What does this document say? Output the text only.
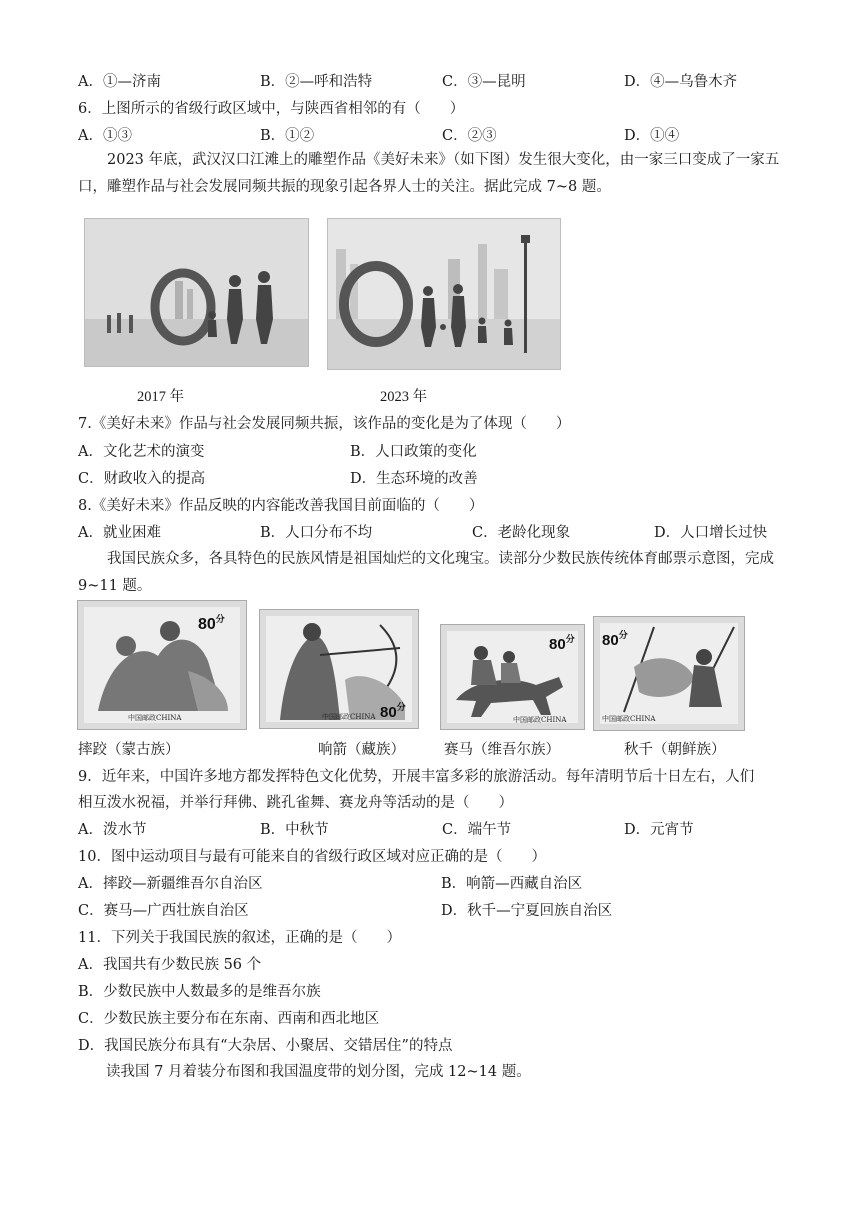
A．①—济南	B．②—呼和浩特	C．③—昆明	D．④—乌鲁木齐
6．上图所示的省级行政区域中，与陕西省相邻的有（　　）
A．①③	B．①②	C．②③	D．①④
2023 年底，武汉汉口江滩上的雕塑作品《美好未来》（如下图）发生很大变化，由一家三口变成了一家五口，雕塑作品与社会发展同频共振的现象引起各界人士的关注。据此完成 7~8 题。
2017 年	2023 年
7.《美好未来》作品与社会发展同频共振，该作品的变化是为了体现（　　）
A．文化艺术的演变	B．人口政策的变化
C．财政收入的提高	D．生态环境的改善
8.《美好未来》作品反映的内容能改善我国目前面临的（　　）
A．就业困难	B．人口分布不均	C．老龄化现象	D．人口增长过快
我国民族众多，各具特色的民族风情是祖国灿烂的文化瑰宝。读部分少数民族传统体育邮票示意图，完成 9~11 题。
$80^分$
中国邮政CHINA	$80^分$
中国邮政CHINA
$80^分$
中国邮政CHINA
$80^分$
中国邮政CHINA
摔跤（蒙古族）	响箭（藏族）	赛马（维吾尔族）	秋千（朝鲜族）
9．近年来，中国许多地方都发挥特色文化优势，开展丰富多彩的旅游活动。每年清明节后十日左右，人们
相互泼水祝福，并举行拜佛、跳孔雀舞、赛龙舟等活动的是（　　）
A．泼水节	B．中秋节	C．端午节	D．元宵节
10．图中运动项目与最有可能来自的省级行政区域对应正确的是（　　）
A．摔跤—新疆维吾尔自治区	B．响箭—西藏自治区
C．赛马—广西壮族自治区	D．秋千—宁夏回族自治区
11．下列关于我国民族的叙述，正确的是（　　）
A．我国共有少数民族 56 个
B．少数民族中人数最多的是维吾尔族
C．少数民族主要分布在东南、西南和西北地区
D．我国民族分布具有“大杂居、小聚居、交错居住”的特点
读我国 7 月着装分布图和我国温度带的划分图，完成 12~14 题。
